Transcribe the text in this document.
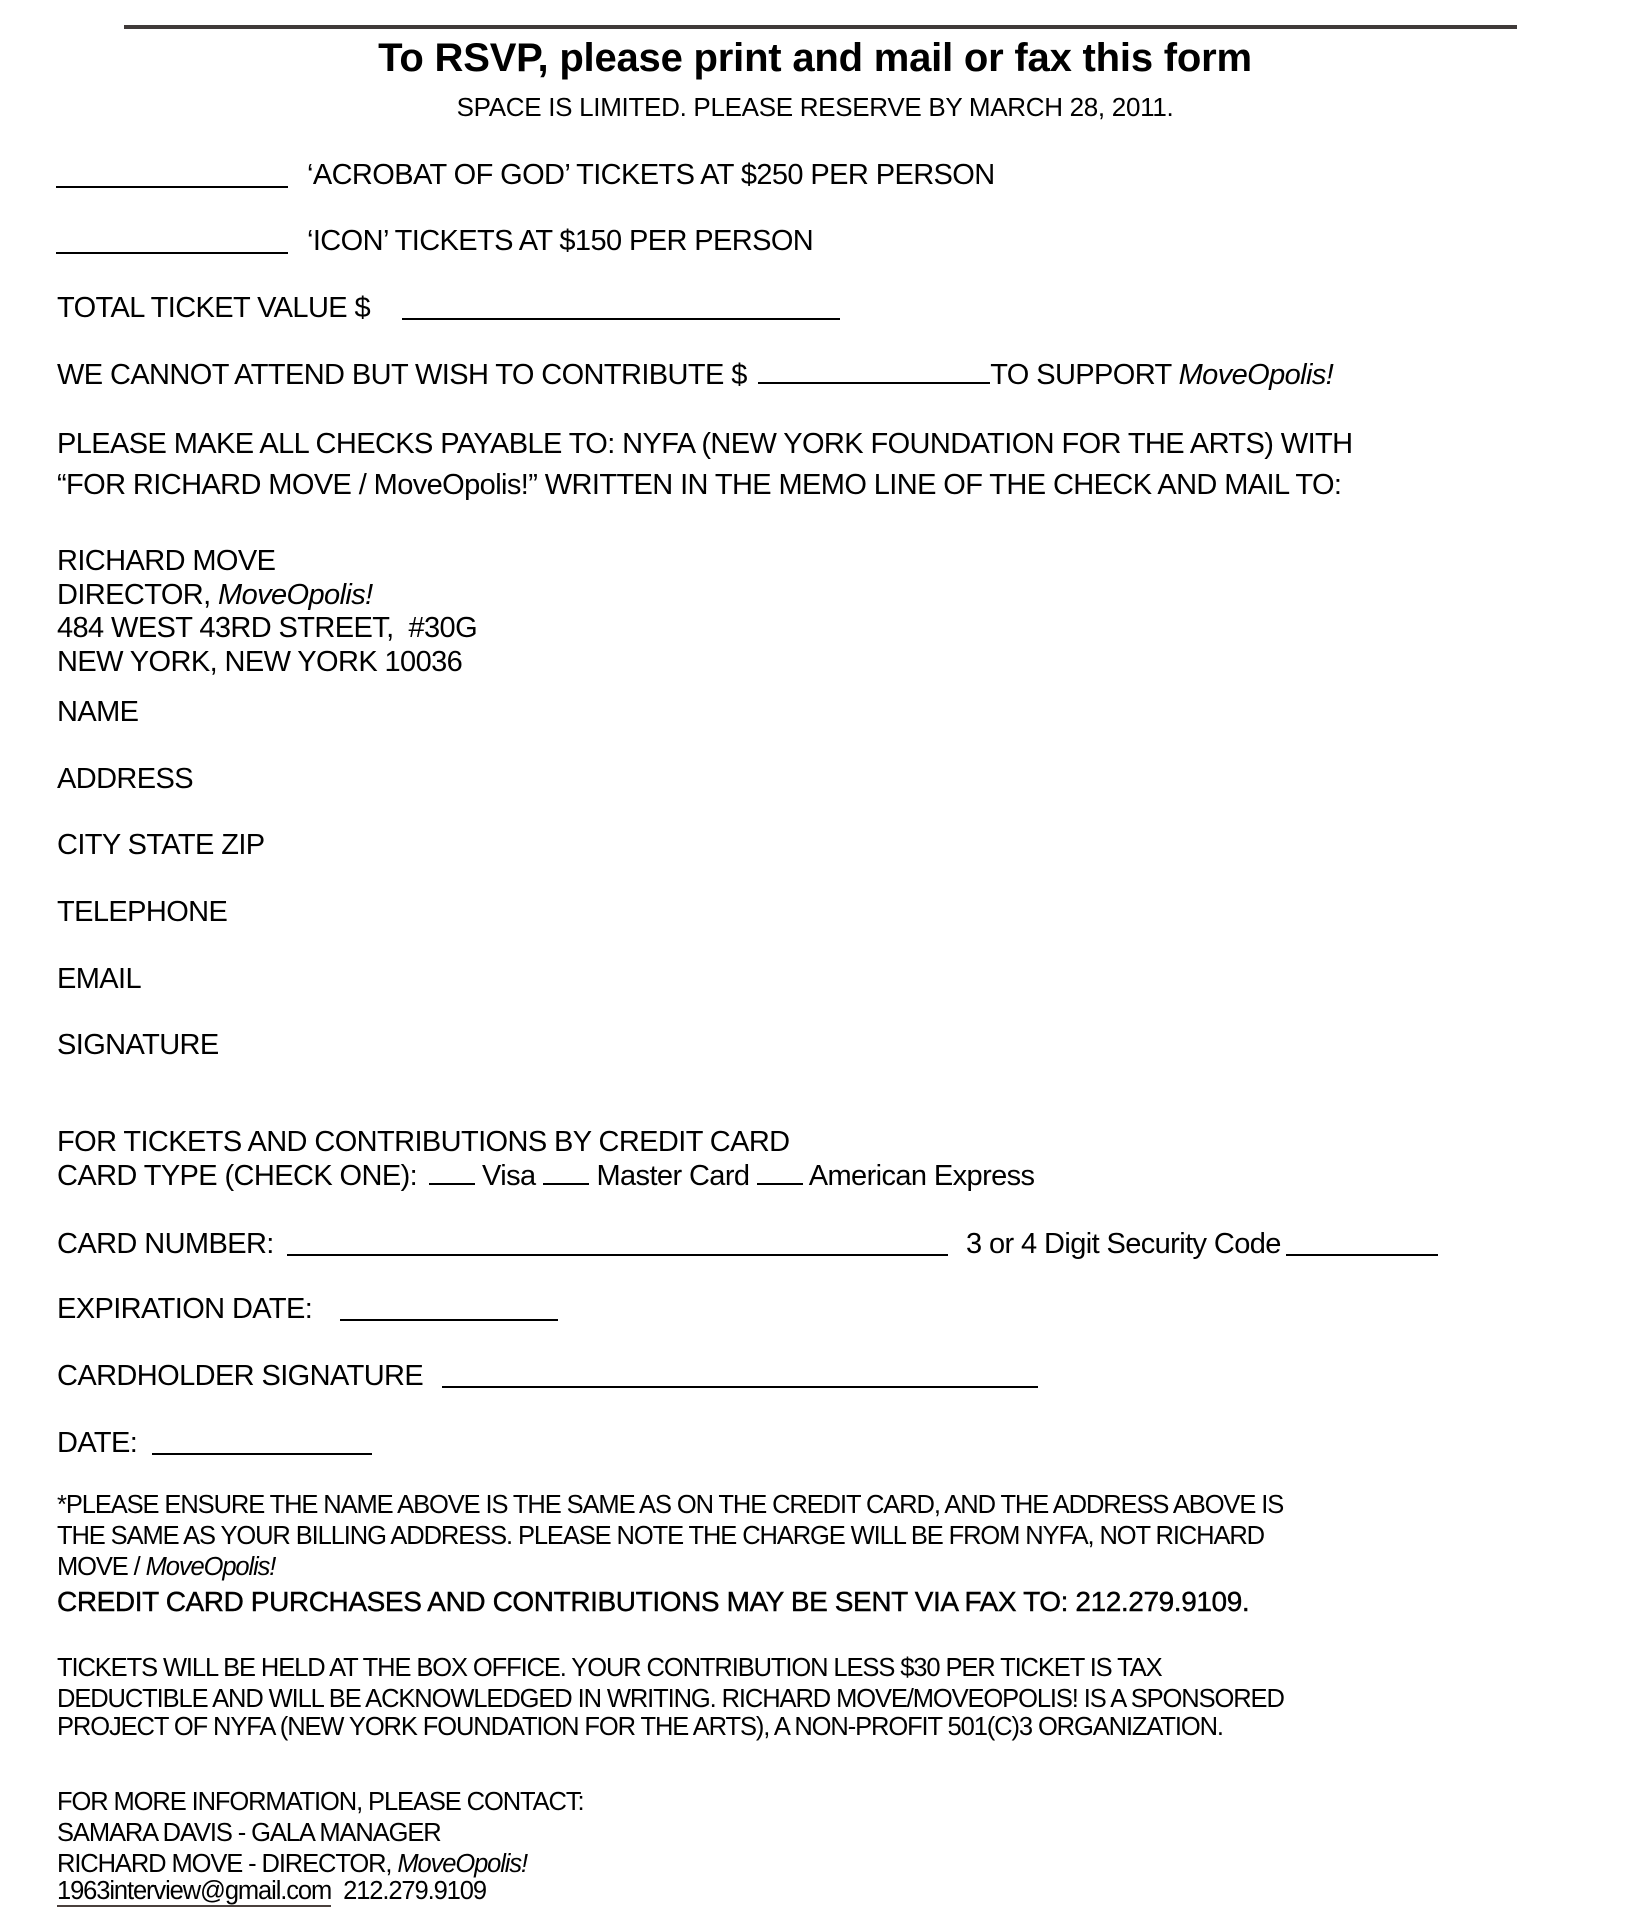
To RSVP, please print and mail or fax this form
SPACE IS LIMITED. PLEASE RESERVE BY MARCH 28, 2011.
‘ACROBAT OF GOD’ TICKETS AT $250 PER PERSON
‘ICON’ TICKETS AT $150 PER PERSON
TOTAL TICKET VALUE $
WE CANNOT ATTEND BUT WISH TO CONTRIBUTE $	TO SUPPORT MoveOpolis!
PLEASE MAKE ALL CHECKS PAYABLE TO: NYFA (NEW YORK FOUNDATION FOR THE ARTS) WITH
“FOR RICHARD MOVE / MoveOpolis!” WRITTEN IN THE MEMO LINE OF THE CHECK AND MAIL TO:
RICHARD MOVE
DIRECTOR, MoveOpolis!
484 WEST 43RD STREET,  #30G
NEW YORK, NEW YORK 10036
NAME
ADDRESS
CITY STATE ZIP
TELEPHONE
EMAIL
SIGNATURE
FOR TICKETS AND CONTRIBUTIONS BY CREDIT CARD
CARD TYPE (CHECK ONE): Visa Master Card American Express
CARD NUMBER:	3 or 4 Digit Security Code
EXPIRATION DATE:
CARDHOLDER SIGNATURE
DATE:
*PLEASE ENSURE THE NAME ABOVE IS THE SAME AS ON THE CREDIT CARD, AND THE ADDRESS ABOVE IS
THE SAME AS YOUR BILLING ADDRESS. PLEASE NOTE THE CHARGE WILL BE FROM NYFA, NOT RICHARD
MOVE / MoveOpolis!
CREDIT CARD PURCHASES AND CONTRIBUTIONS MAY BE SENT VIA FAX TO: 212.279.9109.
TICKETS WILL BE HELD AT THE BOX OFFICE. YOUR CONTRIBUTION LESS $30 PER TICKET IS TAX
DEDUCTIBLE AND WILL BE ACKNOWLEDGED IN WRITING. RICHARD MOVE/MOVEOPOLIS! IS A SPONSORED
PROJECT OF NYFA (NEW YORK FOUNDATION FOR THE ARTS), A NON-PROFIT 501(C)3 ORGANIZATION.
FOR MORE INFORMATION, PLEASE CONTACT:
SAMARA DAVIS - GALA MANAGER
RICHARD MOVE - DIRECTOR, MoveOpolis!
1963interview@gmail.com 212.279.9109
